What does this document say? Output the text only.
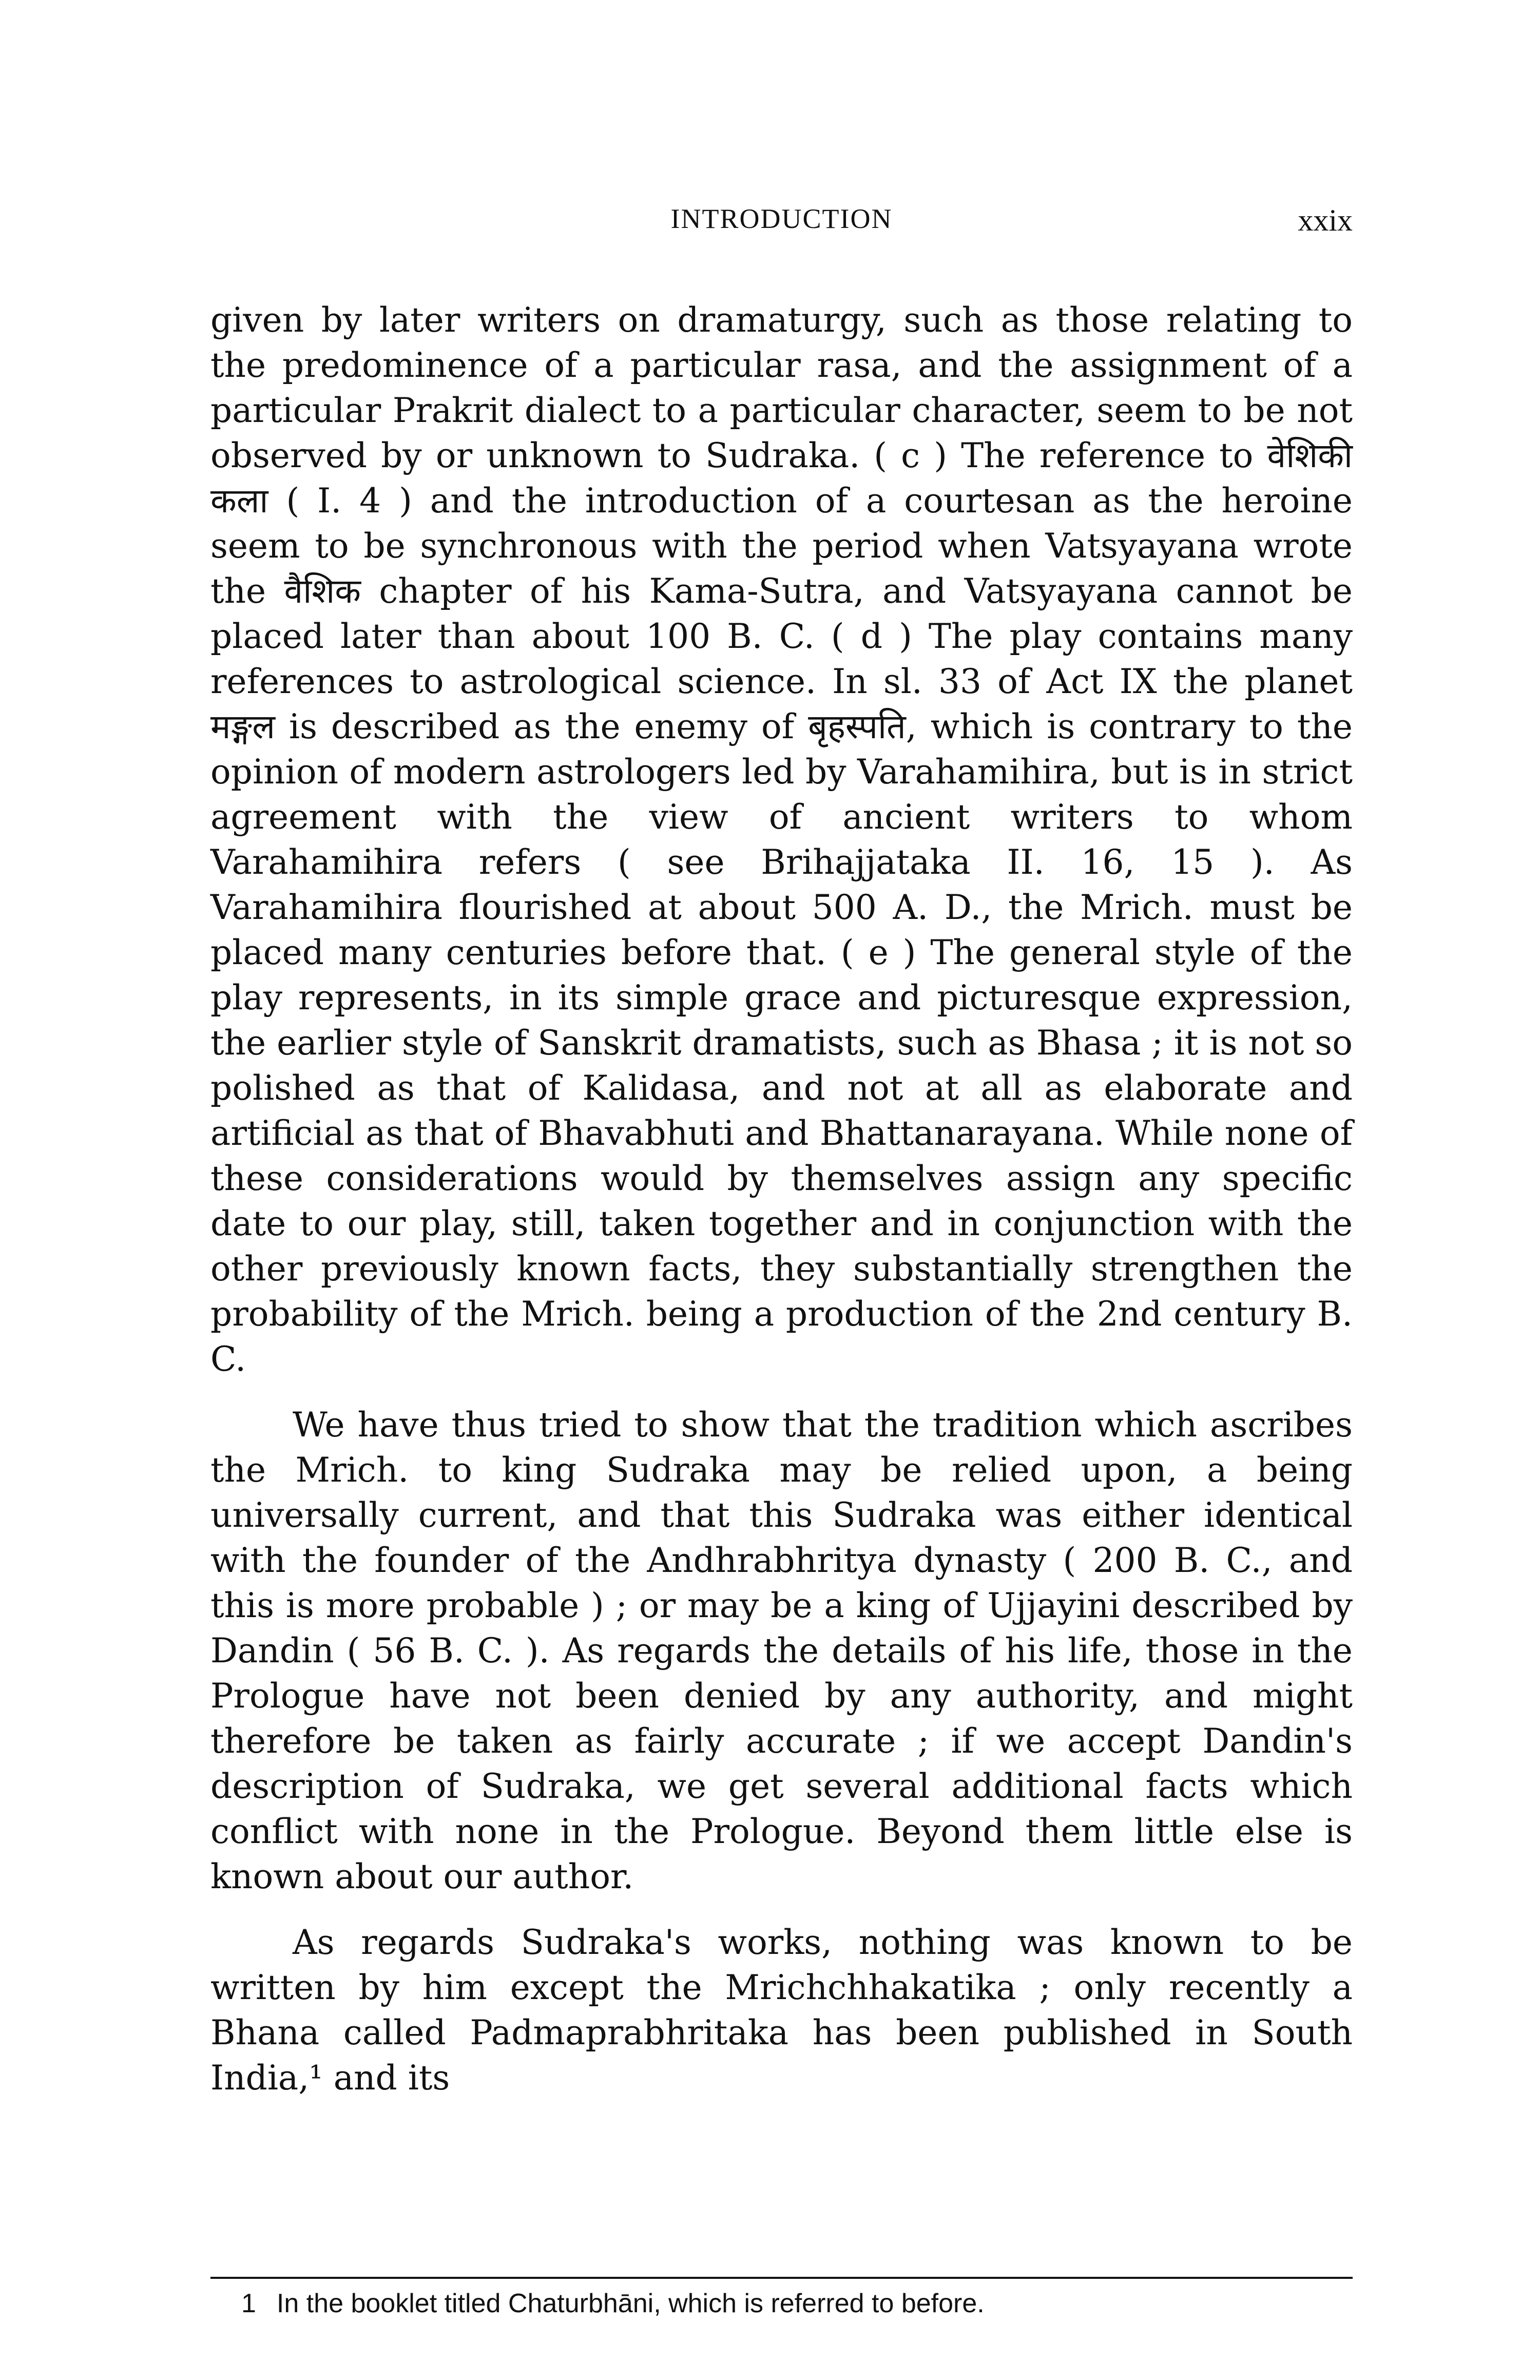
INTRODUCTION	xxix

given by later writers on dramaturgy, such as those relating to the predominence of a particular rasa, and the assignment of a particular Prakrit dialect to a particular character, seem to be not observed by or unknown to Sudraka. ( c ) The reference to वेशिकी कला ( I. 4 ) and the introduction of a courtesan as the heroine seem to be synchronous with the period when Vatsyayana wrote the वैशिक chapter of his Kama-Sutra, and Vatsyayana cannot be placed later than about 100 B. C. ( d ) The play contains many references to astrological science. In sl. 33 of Act IX the planet मङ्गल is described as the enemy of बृहस्पति, which is contrary to the opinion of modern astrologers led by Varahamihira, but is in strict agreement with the view of ancient writers to whom Varahamihira refers ( see Brihajjataka II. 16, 15 ). As Varahamihira flourished at about 500 A. D., the Mrich. must be placed many centuries before that. ( e ) The general style of the play represents, in its simple grace and picturesque expression, the earlier style of Sanskrit dramatists, such as Bhasa ; it is not so polished as that of Kalidasa, and not at all as elaborate and artificial as that of Bhavabhuti and Bhattanarayana. While none of these considerations would by themselves assign any specific date to our play, still, taken together and in conjunction with the other previously known facts, they substantially strengthen the probability of the Mrich. being a production of the 2nd century B. C.

We have thus tried to show that the tradition which ascribes the Mrich. to king Sudraka may be relied upon, a being universally current, and that this Sudraka was either identical with the founder of the Andhrabhritya dynasty ( 200 B. C., and this is more probable ) ; or may be a king of Ujjayini described by Dandin ( 56 B. C. ). As regards the details of his life, those in the Prologue have not been denied by any authority, and might therefore be taken as fairly accurate ; if we accept Dandin's description of Sudraka, we get several additional facts which conflict with none in the Prologue. Beyond them little else is known about our author.

As regards Sudraka's works, nothing was known to be written by him except the Mrichchhakatika ; only recently a Bhana called Padmaprabhritaka has been published in South India,¹ and its

1 In the booklet titled Chaturbhāni, which is referred to before.
